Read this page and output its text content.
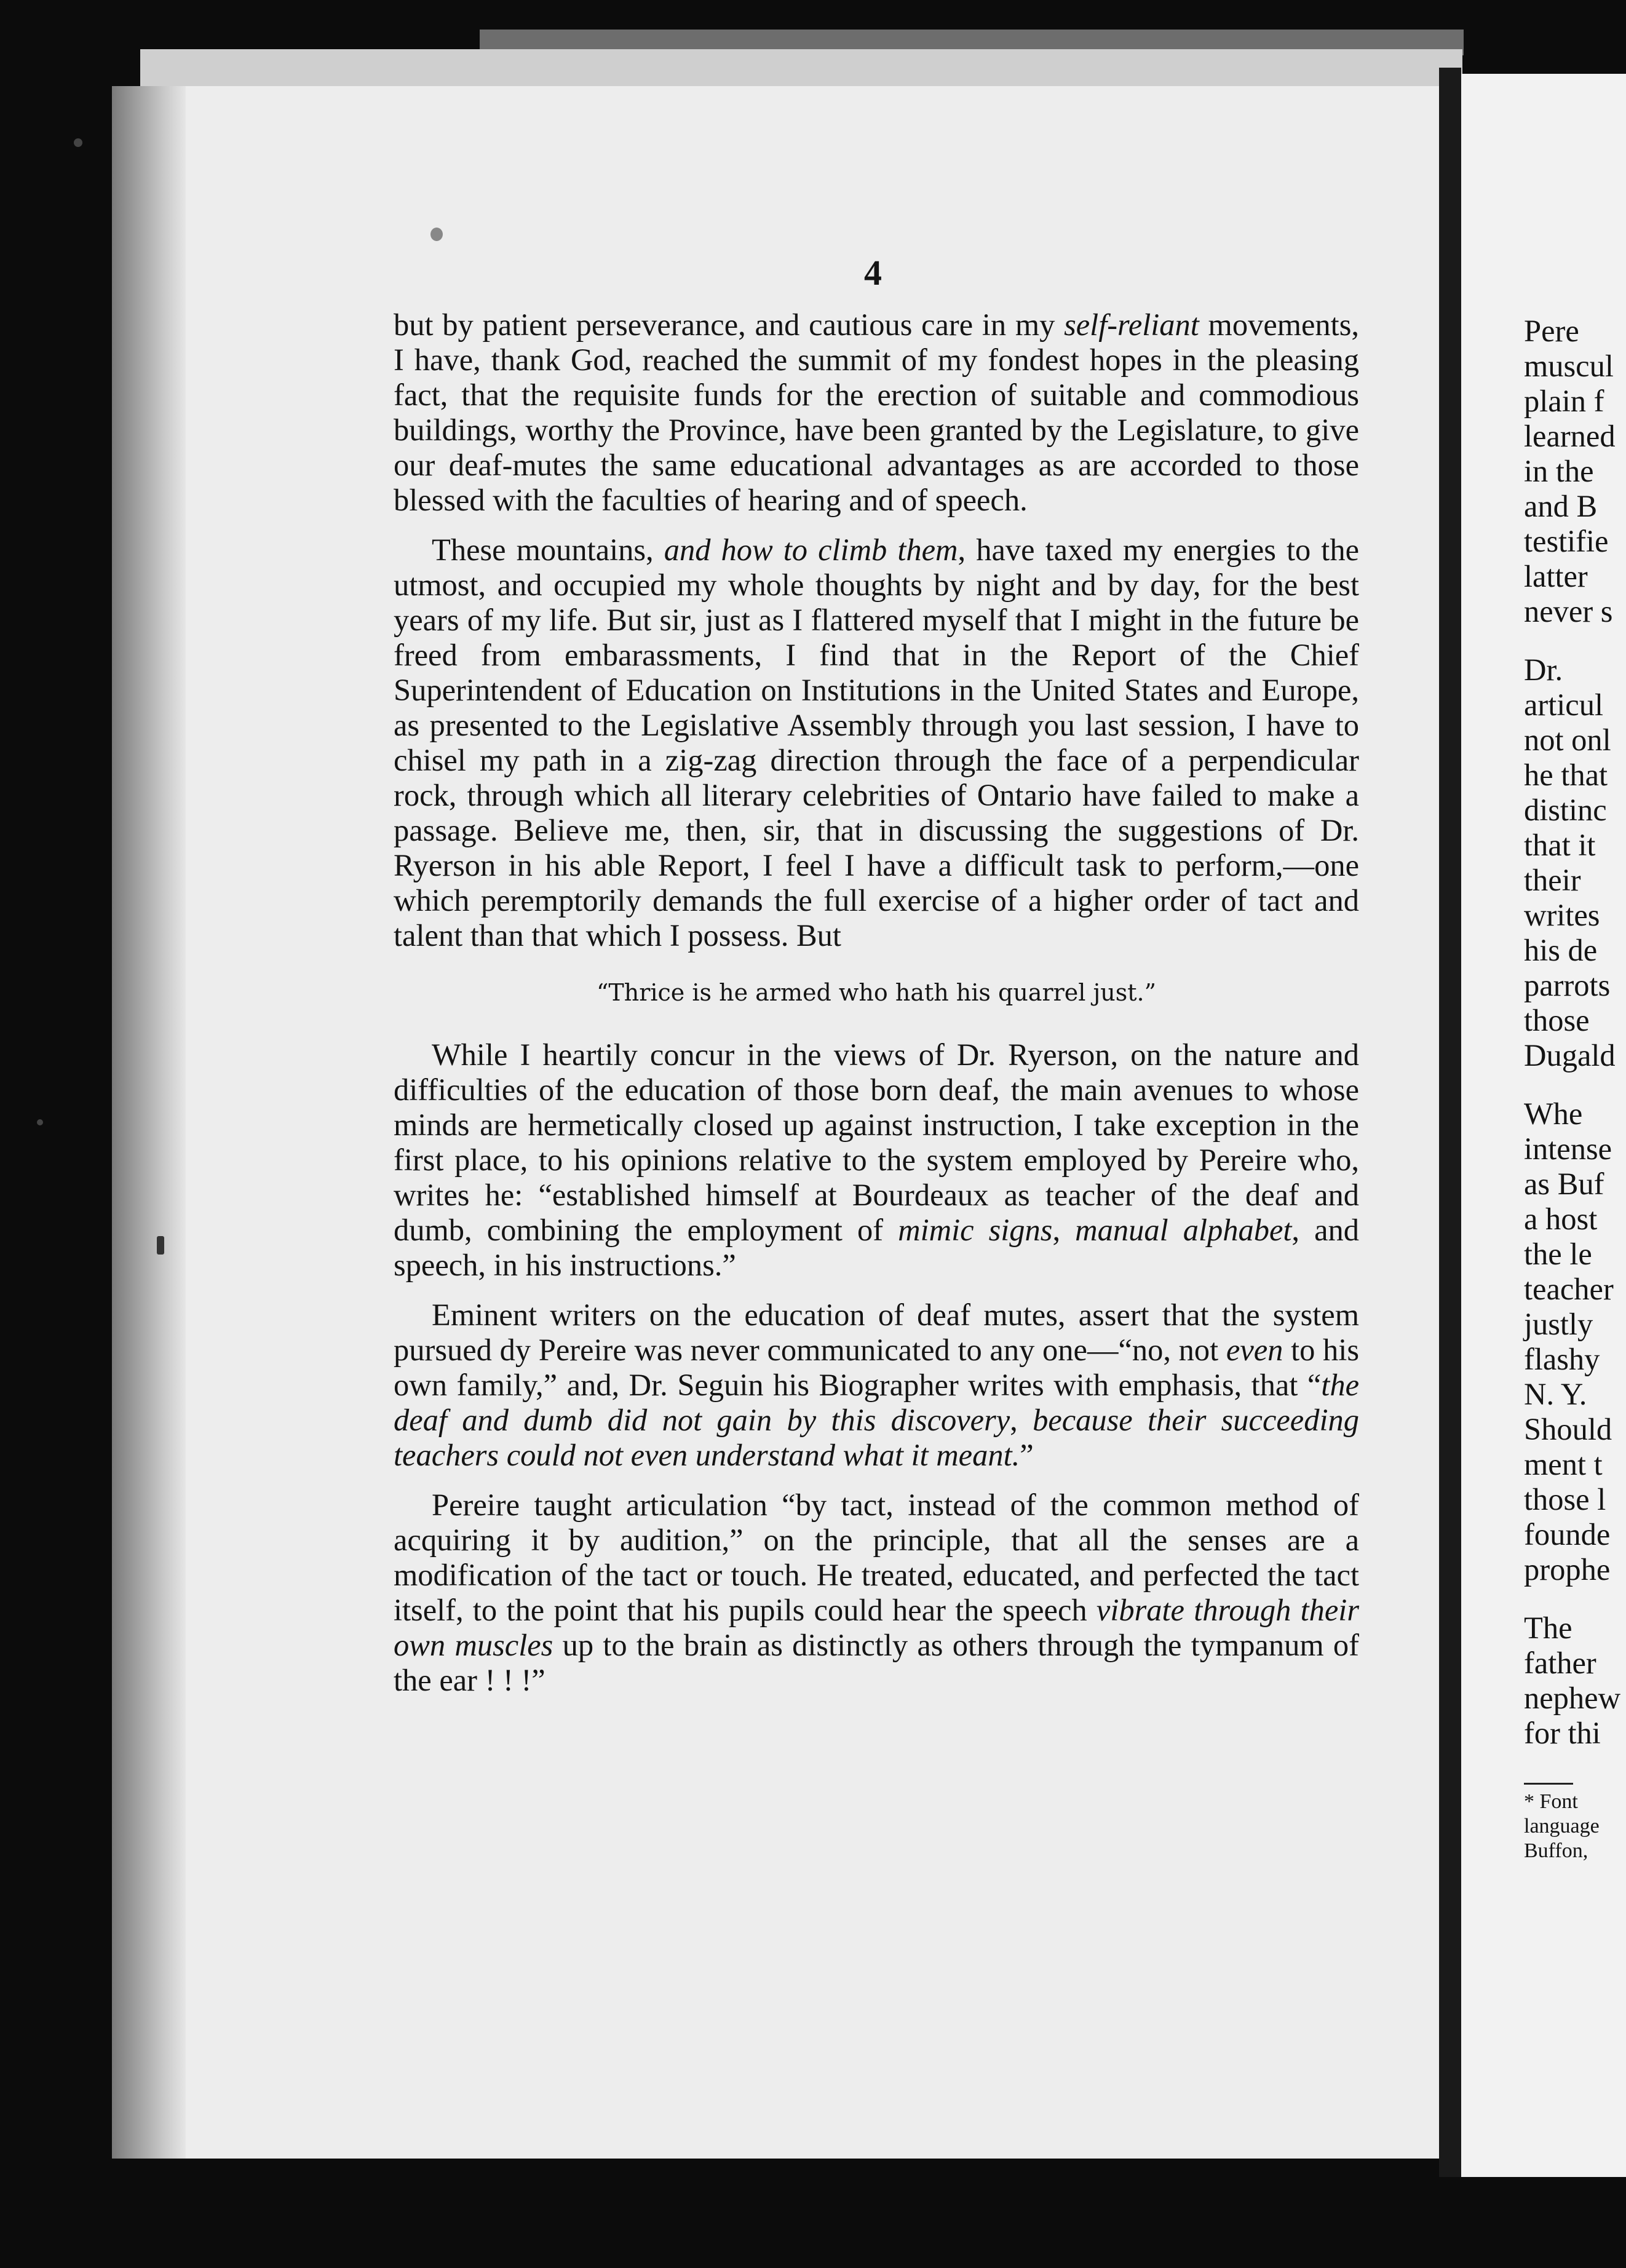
4

but by patient perseverance, and cautious care in my self-reliant movements, I have, thank God, reached the summit of my fondest hopes in the pleasing fact, that the requisite funds for the erection of suitable and commodious buildings, worthy the Province, have been granted by the Legislature, to give our deaf-mutes the same educational advantages as are accorded to those blessed with the faculties of hearing and of speech.

These mountains, and how to climb them, have taxed my energies to the utmost, and occupied my whole thoughts by night and by day, for the best years of my life. But sir, just as I flattered myself that I might in the future be freed from embarassments, I find that in the Report of the Chief Superintendent of Education on Institutions in the United States and Europe, as presented to the Legislative Assembly through you last session, I have to chisel my path in a zig-zag direction through the face of a perpendicular rock, through which all literary celebrities of Ontario have failed to make a passage. Believe me, then, sir, that in discussing the suggestions of Dr. Ryerson in his able Report, I feel I have a difficult task to perform,—one which peremptorily demands the full exercise of a higher order of tact and talent than that which I possess. But

“Thrice is he armed who hath his quarrel just.”

While I heartily concur in the views of Dr. Ryerson, on the nature and difficulties of the education of those born deaf, the main avenues to whose minds are hermetically closed up against instruction, I take exception in the first place, to his opinions relative to the system employed by Pereire who, writes he: “established himself at Bourdeaux as teacher of the deaf and dumb, combining the employment of mimic signs, manual alphabet, and speech, in his instructions.”

Eminent writers on the education of deaf mutes, assert that the system pursued dy Pereire was never communicated to any one—“no, not even to his own family,” and, Dr. Seguin his Biographer writes with emphasis, that “the deaf and dumb did not gain by this discovery, because their succeeding teachers could not even understand what it meant.”

Pereire taught articulation “by tact, instead of the common method of acquiring it by audition,” on the principle, that all the senses are a modification of the tact or touch. He treated, educated, and perfected the tact itself, to the point that his pupils could hear the speech vibrate through their own muscles up to the brain as distinctly as others through the tympanum of the ear ! ! !”

Pere
muscul
plain f
learned
in the
and B
testifie
latter
never s
Dr.
articul
not onl
he that
distinc
that it
their
writes
his de
parrots
those
Dugald
Whe
intense
as Buf
a host
the le
teacher
justly
flashy
N. Y.
Should
ment t
those l
founde
prophe
The
father
nephew
for thi
* Font
language
Buffon,
